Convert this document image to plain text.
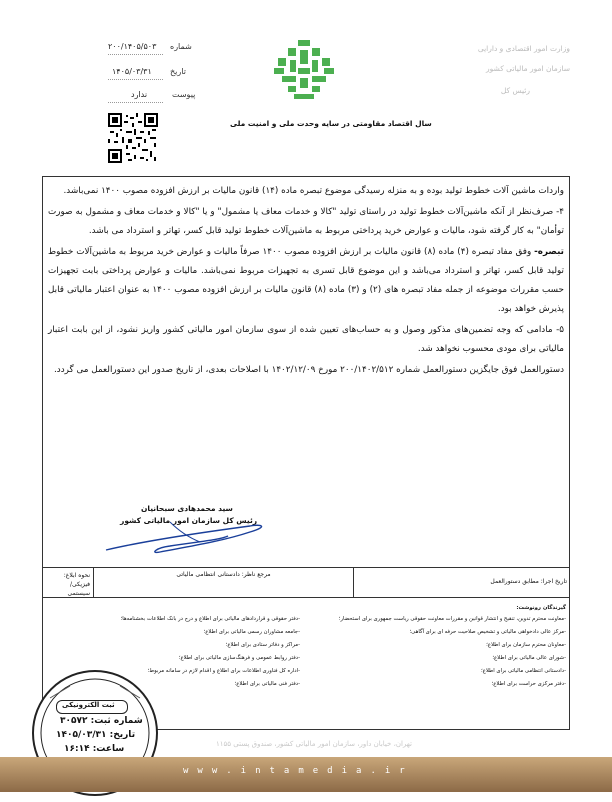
شماره
۲۰۰/۱۴۰۵/۵۰۳
تاریخ
۱۴۰۵/۰۳/۳۱
پیوست
ندارد
وزارت امور اقتصادی و دارایی
سازمان امور مالیاتی کشور
رئیس کل
سال اقتصاد مقاومتی در سایه وحدت ملی و امنیت ملی

واردات ماشین آلات خطوط تولید بوده و به منزله رسیدگی موضوع تبصره ماده (۱۴) قانون مالیات بر ارزش افزوده مصوب ۱۴۰۰ نمی‌باشد.

۴- صرف‌نظر از آنکه ماشین‌آلات خطوط تولید در راستای تولید "کالا و خدمات معاف یا مشمول" و یا "کالا و خدمات معاف و مشمول به صورت توأمان" به کار گرفته شود، مالیات و عوارض خرید پرداختی مربوط به ماشین‌آلات خطوط تولید قابل کسر، تهاتر و استرداد می باشد.

تبصره- وفق مفاد تبصره (۴) ماده (۸) قانون مالیات بر ارزش افزوده مصوب ۱۴۰۰ صرفاً مالیات و عوارض خرید مربوط به ماشین‌آلات خطوط تولید قابل کسر، تهاتر و استرداد می‌باشد و این موضوع قابل تسری به تجهیزات مربوط نمی‌باشد. مالیات و عوارض پرداختی بابت تجهیزات حسب مقررات موضوعه از جمله مفاد تبصره های (۲) و (۳) ماده (۸) قانون مالیات بر ارزش افزوده مصوب ۱۴۰۰ به عنوان اعتبار مالیاتی قابل پذیرش خواهد بود.

۵- مادامی که وجه تضمین‌های مذکور وصول و به حساب‌های تعیین شده از سوی سازمان امور مالیاتی کشور واریز نشود، از این بابت اعتبار مالیاتی برای مودی محسوب نخواهد شد.

دستورالعمل فوق جایگزین دستورالعمل شماره ۲۰۰/۱۴۰۲/۵۱۲ مورخ ۱۴۰۲/۱۲/۰۹ با اصلاحات بعدی، از تاریخ صدور این دستورالعمل می گردد.

سید محمدهادی سبحانیان
رئیس کل سازمان امور مالیاتی کشور
تاریخ اجرا: مطابق دستورالعمل
مرجع ناظر: دادستانی انتظامی مالیاتی
نحوه ابلاغ: فیزیکی/ سیستمی
گیرندگان رونوشت:
-معاونت محترم تدوین، تنقیح و انتشار قوانین و مقررات معاونت حقوقی ریاست جمهوری برای استحضار؛
-مرکز عالی دادخواهی مالیاتی و تشخیص صلاحیت حرفه ای برای آگاهی؛
-معاونان محترم سازمان برای اطلاع؛
-شورای عالی مالیاتی برای اطلاع؛
-دادستانی انتظامی مالیاتی برای اطلاع؛
-دفتر مرکزی حراست برای اطلاع؛
-دفتر حقوقی و قراردادهای مالیاتی برای اطلاع و درج در بانک اطلاعات بخشنامه‌ها؛
-جامعه مشاوران رسمی مالیاتی برای اطلاع؛
-مراکز و دفاتر ستادی برای اطلاع؛
-دفتر روابط عمومی و فرهنگ‌سازی مالیاتی برای اطلاع؛
-اداره کل فناوری اطلاعات برای اطلاع و اقدام لازم در سامانه مربوط؛
-دفتر فنی مالیاتی برای اطلاع؛
تهران، خیابان داور، سازمان امور مالیاتی کشور، صندوق پستی ۱۱۵۵
ثبت الکترونیکی
شماره ثبت: ۳۰۵۷۲
تاریخ: ۱۴۰۵/۰۳/۳۱
ساعت: ۱۶:۱۴
www.intamedia.ir
